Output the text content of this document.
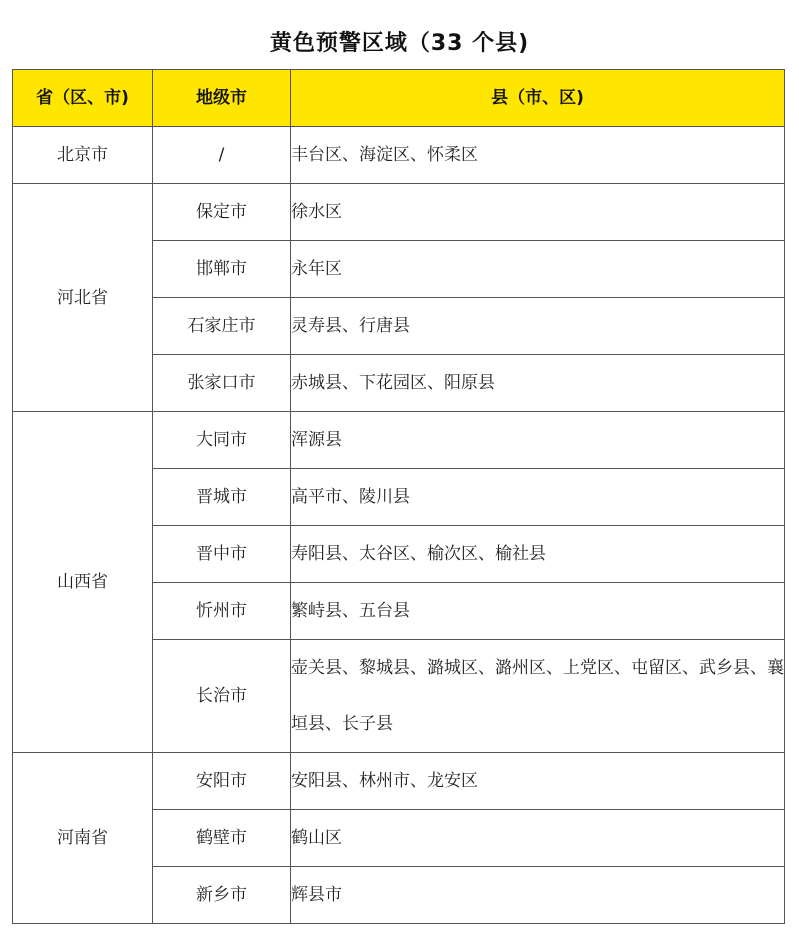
黄色预警区域（33 个县)
省（区、市)	地级市	县（市、区)
北京市	/	丰台区、海淀区、怀柔区
河北省	保定市	徐水区
	邯郸市	永年区
	石家庄市	灵寿县、行唐县
	张家口市	赤城县、下花园区、阳原县
山西省	大同市	浑源县
	晋城市	高平市、陵川县
	晋中市	寿阳县、太谷区、榆次区、榆社县
	忻州市	繁峙县、五台县
	长治市	壶关县、黎城县、潞城区、潞州区、上党区、屯留区、武乡县、襄垣县、长子县
河南省	安阳市	安阳县、林州市、龙安区
	鹤壁市	鹤山区
	新乡市	辉县市
